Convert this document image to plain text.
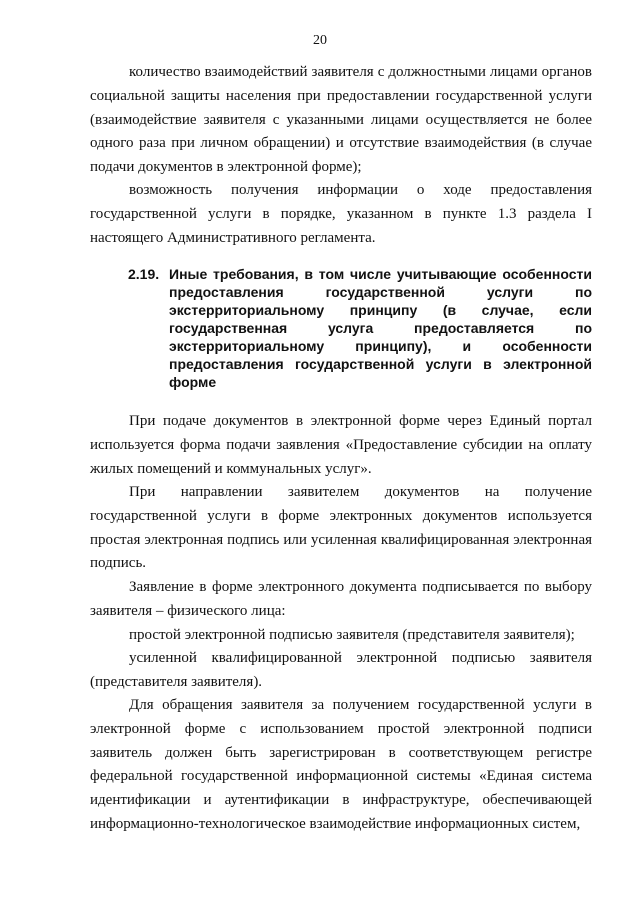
20

количество взаимодействий заявителя с должностными лицами органов социальной защиты населения при предоставлении государственной услуги (взаимодействие заявителя с указанными лицами осуществляется не более одного раза при личном обращении) и отсутствие взаимодействия (в случае подачи документов в электронной форме);

возможность получения информации о ходе предоставления государственной услуги в порядке, указанном в пункте 1.3 раздела I настоящего Административного регламента.

2.19. Иные требования, в том числе учитывающие особенности предоставления государственной услуги по экстерриториальному принципу (в случае, если государственная услуга предоставляется по экстерриториальному принципу), и особенности предоставления государственной услуги в электронной форме

При подаче документов в электронной форме через Единый портал используется форма подачи заявления «Предоставление субсидии на оплату жилых помещений и коммунальных услуг».

При направлении заявителем документов на получение государственной услуги в форме электронных документов используется простая электронная подпись или усиленная квалифицированная электронная подпись.

Заявление в форме электронного документа подписывается по выбору заявителя – физического лица:

простой электронной подписью заявителя (представителя заявителя);

усиленной квалифицированной электронной подписью заявителя (представителя заявителя).

Для обращения заявителя за получением государственной услуги в электронной форме с использованием простой электронной подписи заявитель должен быть зарегистрирован в соответствующем регистре федеральной государственной информационной системы «Единая система идентификации и аутентификации в инфраструктуре, обеспечивающей информационно-технологическое взаимодействие информационных систем,
